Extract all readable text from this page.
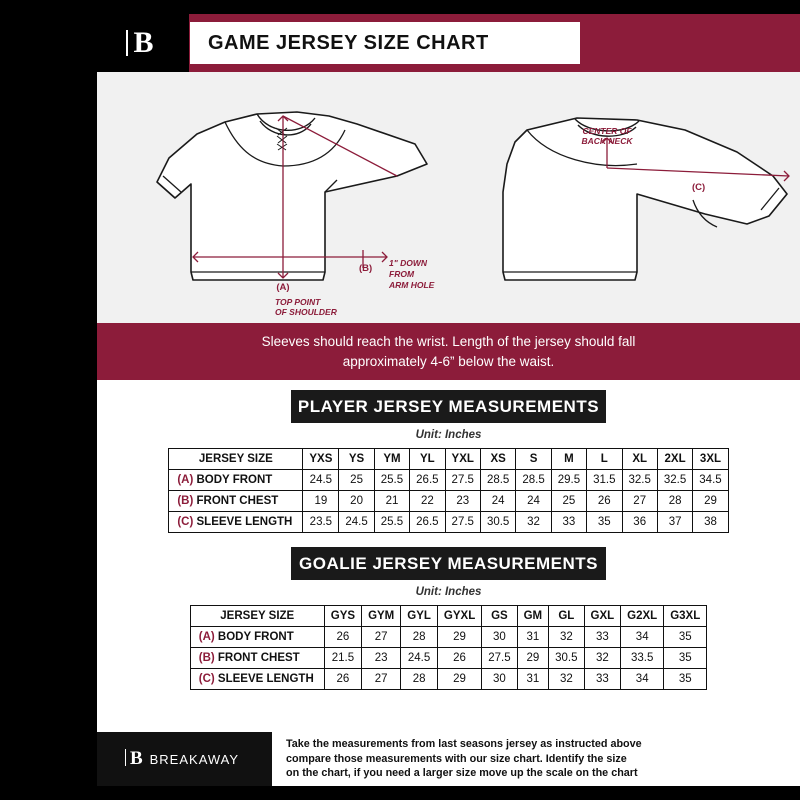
B	GAME JERSEY SIZE CHART
(A)
TOP POINT
OF SHOULDER
(B) 1" DOWN
FROM
ARM HOLE
CENTER OF
BACK NECK
(C)
Sleeves should reach the wrist. Length of the jersey should fall
approximately 4-6” below the waist.
PLAYER JERSEY MEASUREMENTS
Unit: Inches
JERSEY SIZE	YXS	YS	YM	YL	YXL	XS	S	M	L	XL	2XL	3XL
(A) BODY FRONT	24.5	25	25.5	26.5	27.5	28.5	28.5	29.5	31.5	32.5	32.5	34.5
(B) FRONT CHEST	19	20	21	22	23	24	24	25	26	27	28	29
(C) SLEEVE LENGTH	23.5	24.5	25.5	26.5	27.5	30.5	32	33	35	36	37	38
GOALIE JERSEY MEASUREMENTS
Unit: Inches
JERSEY SIZE	GYS	GYM	GYL	GYXL	GS	GM	GL	GXL	G2XL	G3XL
(A) BODY FRONT	26	27	28	29	30	31	32	33	34	35
(B) FRONT CHEST	21.5	23	24.5	26	27.5	29	30.5	32	33.5	35
(C) SLEEVE LENGTH	26	27	28	29	30	31	32	33	34	35
B BREAKAWAY
Take the measurements from last seasons jersey as instructed above
compare those measurements with our size chart. Identify the size
on the chart, if you need a larger size move up the scale on the chart
